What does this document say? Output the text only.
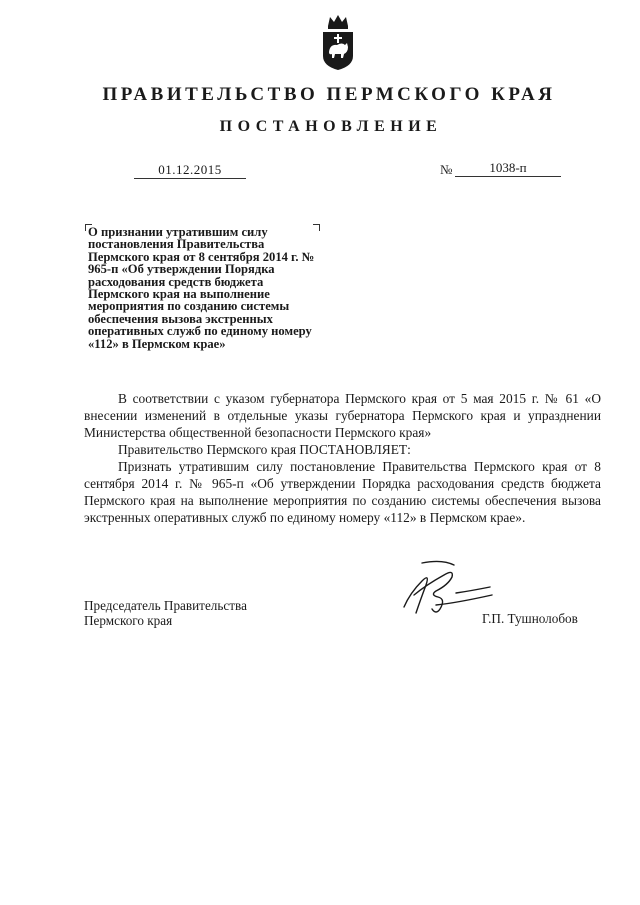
ПРАВИТЕЛЬСТВО ПЕРМСКОГО КРАЯ
ПОСТАНОВЛЕНИЕ
01.12.2015	№	1038-п
О признании утратившим силу постановления Правительства Пермского края от 8 сентября 2014 г. № 965-п «Об утверждении Порядка расходования средств бюджета Пермского края на выполнение мероприятия по созданию системы обеспечения вызова экстренных оперативных служб по единому номеру «112» в Пермском крае»

В соответствии с указом губернатора Пермского края от 5 мая 2015 г. № 61 «О внесении изменений в отдельные указы губернатора Пермского края и упразднении Министерства общественной безопасности Пермского края»

Правительство Пермского края ПОСТАНОВЛЯЕТ:

Признать утратившим силу постановление Правительства Пермского края от 8 сентября 2014 г. № 965-п «Об утверждении Порядка расходования средств бюджета Пермского края на выполнение мероприятия по созданию системы обеспечения вызова экстренных оперативных служб по единому номеру «112» в Пермском крае».

Председатель Правительства
Пермского края	Г.П. Тушнолобов
